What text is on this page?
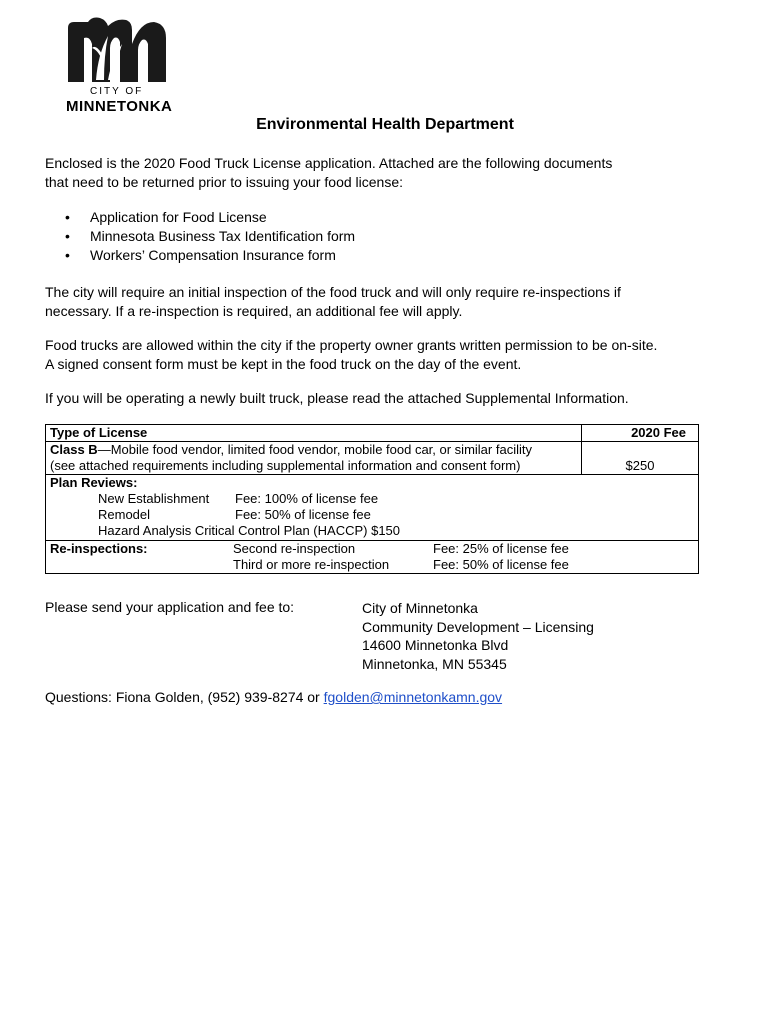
CITY OF
MINNETONKA
Environmental Health Department
Enclosed is the 2020 Food Truck License application. Attached are the following documents
that need to be returned prior to issuing your food license:
• Application for Food License
• Minnesota Business Tax Identification form
• Workers’ Compensation Insurance form
The city will require an initial inspection of the food truck and will only require re-inspections if
necessary. If a re-inspection is required, an additional fee will apply.
Food trucks are allowed within the city if the property owner grants written permission to be on-site.
A signed consent form must be kept in the food truck on the day of the event.
If you will be operating a newly built truck, please read the attached Supplemental Information.
Type of License	2020 Fee

Class B—Mobile food vendor, limited food vendor, mobile food car, or similar facility
(see attached requirements including supplemental information and consent form)	$250

Plan Reviews:
New Establishment Fee: 100% of license fee
Remodel Fee: 50% of license fee
Hazard Analysis Critical Control Plan (HACCP) $150	

Re-inspections: Second re-inspection Fee: 25% of license fee
Third or more re-inspection Fee: 50% of license fee	
Please send your application and fee to:	City of Minnetonka
Community Development – Licensing
14600 Minnetonka Blvd
Minnetonka, MN 55345
Questions: Fiona Golden, (952) 939-8274 or fgolden@minnetonkamn.gov
